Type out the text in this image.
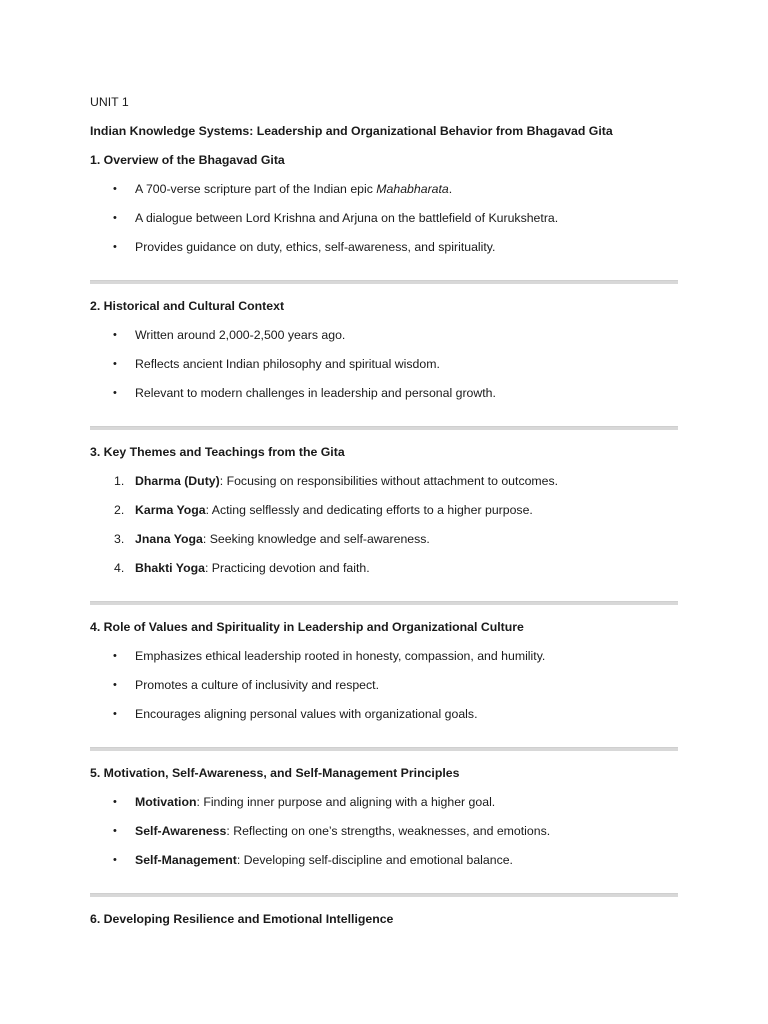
UNIT 1
Indian Knowledge Systems: Leadership and Organizational Behavior from Bhagavad Gita
1. Overview of the Bhagavad Gita
• A 700-verse scripture part of the Indian epic Mahabharata.
• A dialogue between Lord Krishna and Arjuna on the battlefield of Kurukshetra.
• Provides guidance on duty, ethics, self-awareness, and spirituality.
2. Historical and Cultural Context
• Written around 2,000-2,500 years ago.
• Reflects ancient Indian philosophy and spiritual wisdom.
• Relevant to modern challenges in leadership and personal growth.
3. Key Themes and Teachings from the Gita
1. Dharma (Duty): Focusing on responsibilities without attachment to outcomes.
2. Karma Yoga: Acting selflessly and dedicating efforts to a higher purpose.
3. Jnana Yoga: Seeking knowledge and self-awareness.
4. Bhakti Yoga: Practicing devotion and faith.
4. Role of Values and Spirituality in Leadership and Organizational Culture
• Emphasizes ethical leadership rooted in honesty, compassion, and humility.
• Promotes a culture of inclusivity and respect.
• Encourages aligning personal values with organizational goals.
5. Motivation, Self-Awareness, and Self-Management Principles
• Motivation: Finding inner purpose and aligning with a higher goal.
• Self-Awareness: Reflecting on one’s strengths, weaknesses, and emotions.
• Self-Management: Developing self-discipline and emotional balance.
6. Developing Resilience and Emotional Intelligence
